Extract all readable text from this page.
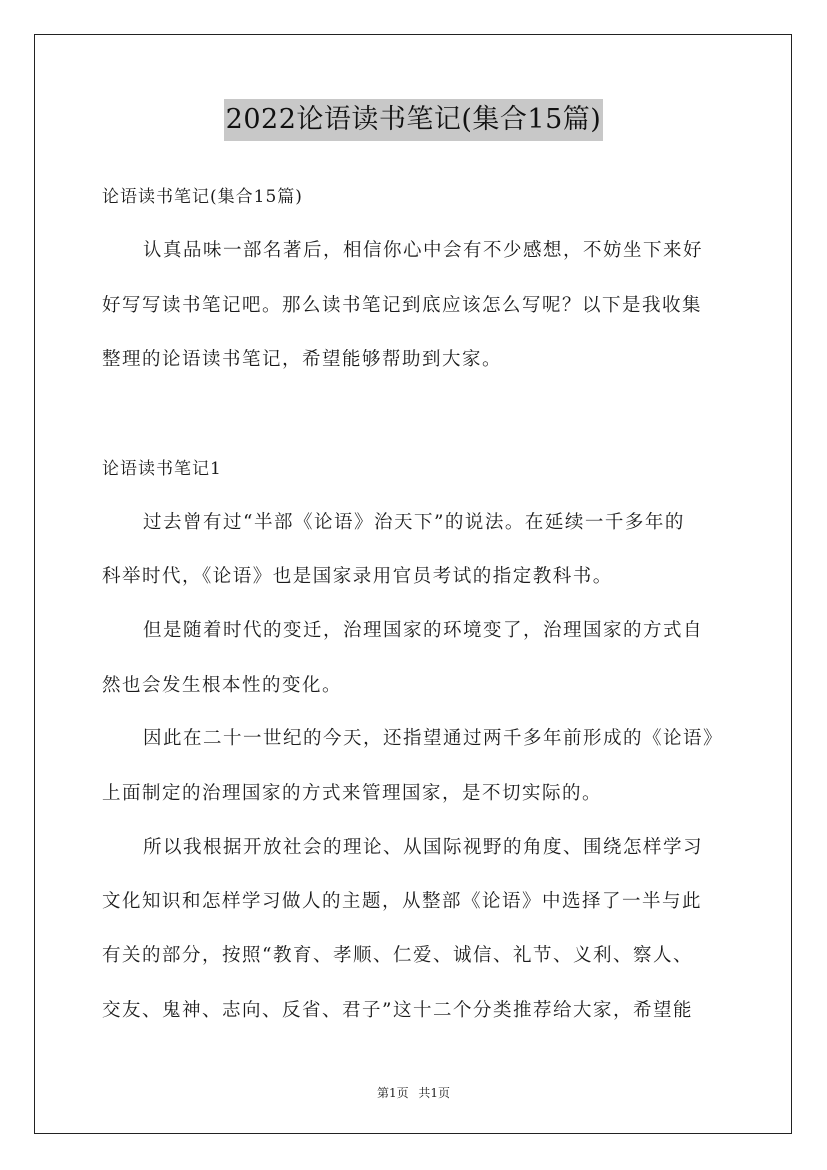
2022论语读书笔记(集合15篇)
论语读书笔记(集合15篇)
认真品味一部名著后，相信你心中会有不少感想，不妨坐下来好
好写写读书笔记吧。那么读书笔记到底应该怎么写呢？以下是我收集
整理的论语读书笔记，希望能够帮助到大家。
论语读书笔记1
过去曾有过“半部《论语》治天下”的说法。在延续一千多年的
科举时代，《论语》也是国家录用官员考试的指定教科书。
但是随着时代的变迁，治理国家的环境变了，治理国家的方式自
然也会发生根本性的变化。
因此在二十一世纪的今天，还指望通过两千多年前形成的《论语》
上面制定的治理国家的方式来管理国家，是不切实际的。
所以我根据开放社会的理论、从国际视野的角度、围绕怎样学习
文化知识和怎样学习做人的主题，从整部《论语》中选择了一半与此
有关的部分，按照“教育、孝顺、仁爱、诚信、礼节、义利、察人、
交友、鬼神、志向、反省、君子”这十二个分类推荐给大家，希望能
第1页 共1页
